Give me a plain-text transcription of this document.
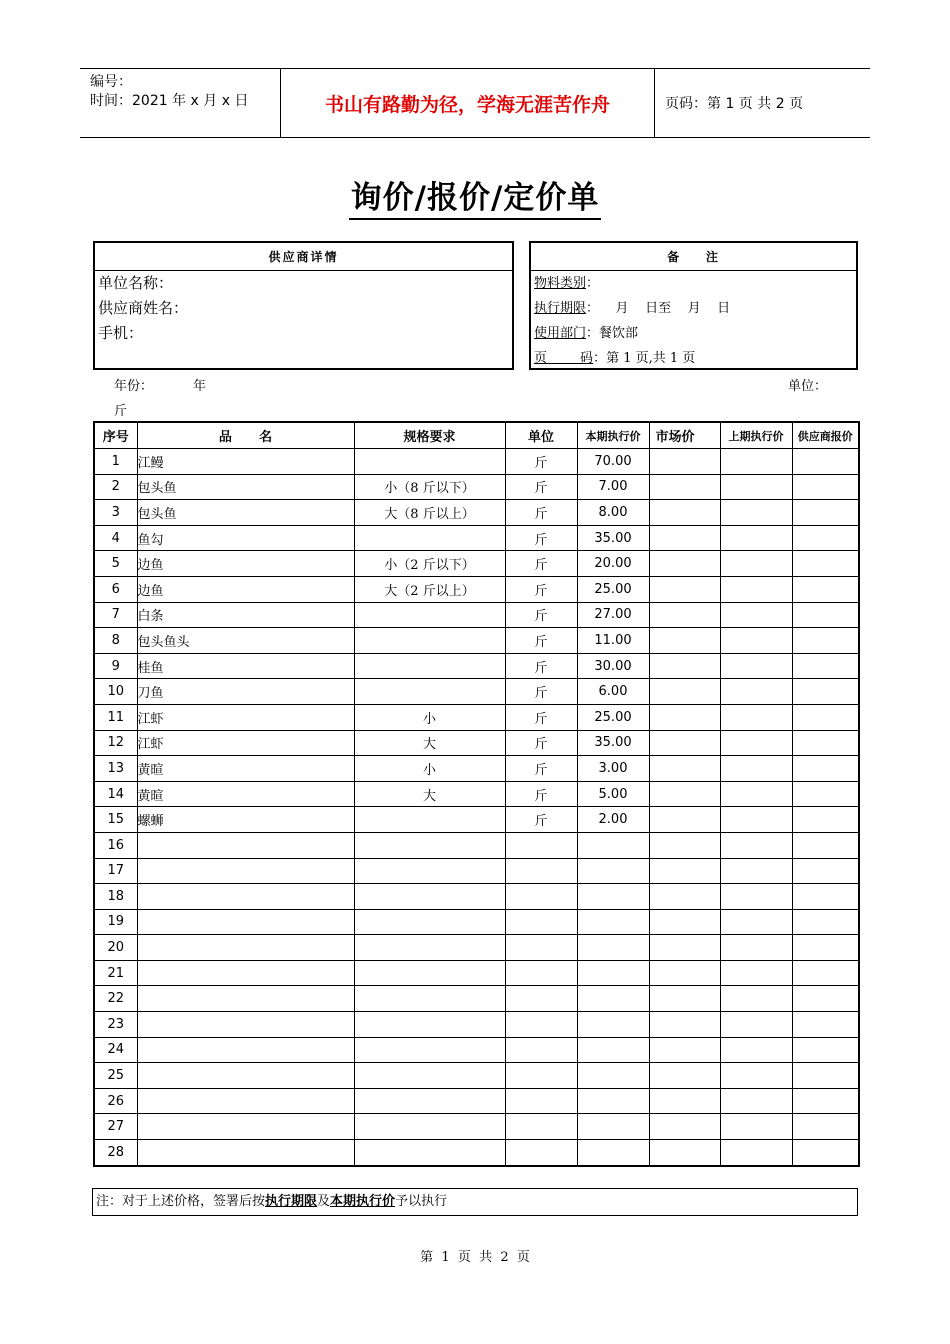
编号：
时间：2021 年 x 月 x 日	书山有路勤为径，学海无涯苦作舟	页码：第 1 页 共 2 页
询价/报价/定价单
供应商详情
单位名称：
供应商姓名：
手机：
备    注
物料类别：
执行期限：    月    日至    月    日
使用部门：餐饮部
页        码：第 1 页,共 1 页
年份：	年	单位：
斤
序号	品      名	规格要求	单位	本期执行价	市场价	上期执行价	供应商报价
1	江鳗		斤	70.00			
2	包头鱼	小（8 斤以下）	斤	7.00			
3	包头鱼	大（8 斤以上）	斤	8.00			
4	鱼勾		斤	35.00			
5	边鱼	小（2 斤以下）	斤	20.00			
6	边鱼	大（2 斤以上）	斤	25.00			
7	白条		斤	27.00			
8	包头鱼头		斤	11.00			
9	桂鱼		斤	30.00			
10	刀鱼		斤	6.00			
11	江虾	小	斤	25.00			
12	江虾	大	斤	35.00			
13	黄暄	小	斤	3.00			
14	黄暄	大	斤	5.00			
15	螺蛳		斤	2.00			
16							
17							
18							
19							
20							
21							
22							
23							
24							
25							
26							
27							
28							
注：对于上述价格，签署后按执行期限及本期执行价予以执行
第  1  页  共  2  页
